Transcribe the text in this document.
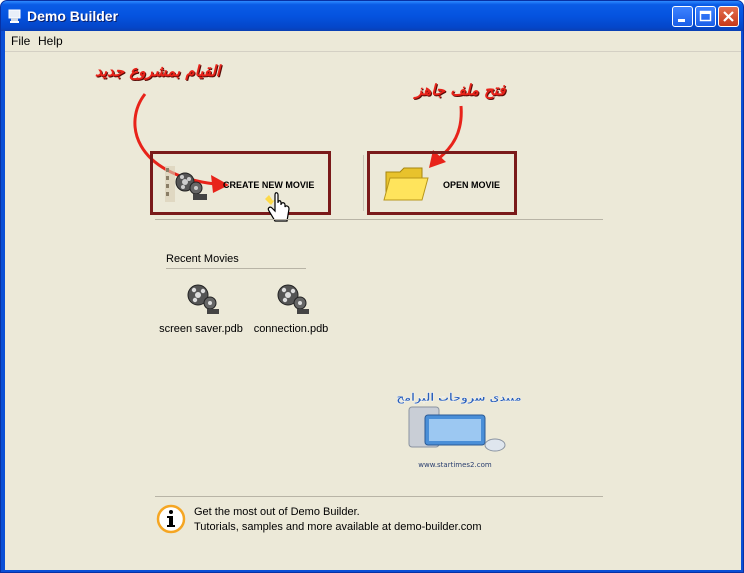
Demo Builder
File Help
القيام بمشروع جديد
فتح ملف جاهز
CREATE NEW MOVIE	OPEN MOVIE
Recent Movies
screen saver.pdb connection.pdb
منتدى شروحات البرامج
www.startimes2.com
Get the most out of Demo Builder.
Tutorials, samples and more available at demo-builder.com
